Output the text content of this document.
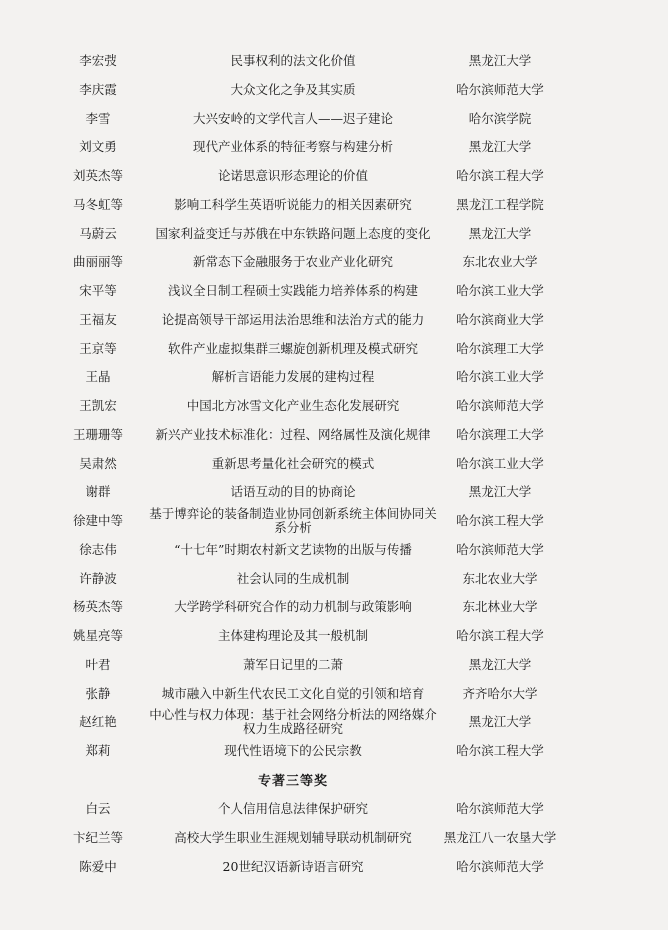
李宏弢	民事权利的法文化价值	黑龙江大学
李庆霞	大众文化之争及其实质	哈尔滨师范大学
李雪	大兴安岭的文学代言人——迟子建论	哈尔滨学院
刘文勇	现代产业体系的特征考察与构建分析	黑龙江大学
刘英杰等	论诺思意识形态理论的价值	哈尔滨工程大学
马冬虹等	影响工科学生英语听说能力的相关因素研究	黑龙江工程学院
马蔚云	国家利益变迁与苏俄在中东铁路问题上态度的变化	黑龙江大学
曲丽丽等	新常态下金融服务于农业产业化研究	东北农业大学
宋平等	浅议全日制工程硕士实践能力培养体系的构建	哈尔滨工业大学
王福友	论提高领导干部运用法治思维和法治方式的能力	哈尔滨商业大学
王京等	软件产业虚拟集群三螺旋创新机理及模式研究	哈尔滨理工大学
王晶	解析言语能力发展的建构过程	哈尔滨工业大学
王凯宏	中国北方冰雪文化产业生态化发展研究	哈尔滨师范大学
王珊珊等	新兴产业技术标准化：过程、网络属性及演化规律	哈尔滨理工大学
吴肃然	重新思考量化社会研究的模式	哈尔滨工业大学
谢群	话语互动的目的协商论	黑龙江大学
徐建中等	基于博弈论的装备制造业协同创新系统主体间协同关系分析	哈尔滨工程大学
徐志伟	“十七年”时期农村新文艺读物的出版与传播	哈尔滨师范大学
许静波	社会认同的生成机制	东北农业大学
杨英杰等	大学跨学科研究合作的动力机制与政策影响	东北林业大学
姚星亮等	主体建构理论及其一般机制	哈尔滨工程大学
叶君	萧军日记里的二萧	黑龙江大学
张静	城市融入中新生代农民工文化自觉的引领和培育	齐齐哈尔大学
赵红艳	中心性与权力体现：基于社会网络分析法的网络媒介权力生成路径研究	黑龙江大学
郑莉	现代性语境下的公民宗教	哈尔滨工程大学
专著三等奖
白云	个人信用信息法律保护研究	哈尔滨师范大学
卞纪兰等	高校大学生职业生涯规划辅导联动机制研究	黑龙江八一农垦大学
陈爱中	20世纪汉语新诗语言研究	哈尔滨师范大学
